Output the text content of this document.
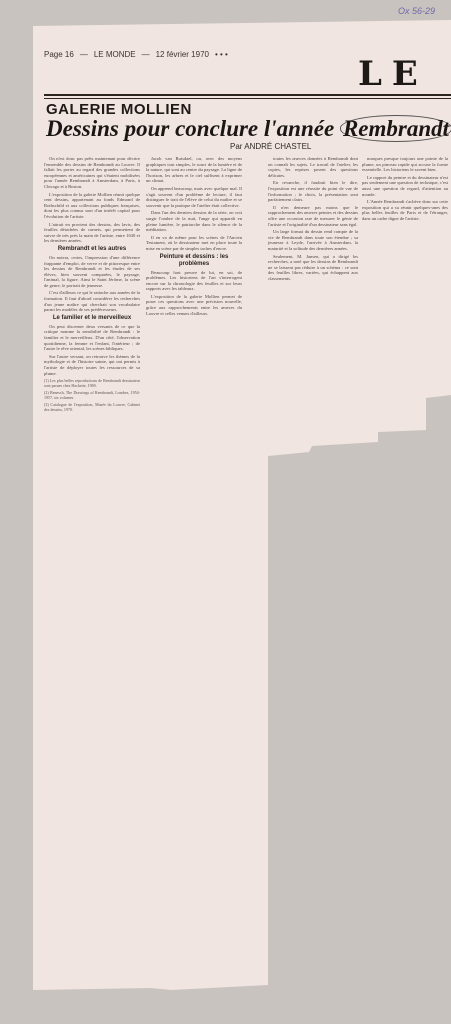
Ox 56-29
Page 16 — LE MONDE — 12 février 1970 • • •	LE
GALERIE MOLLIEN
Dessins pour conclure l'année Rembrandt
Par ANDRÉ CHASTEL

On n'est donc pas prêts maintenant pour décrire l'ensemble des dessins de Rembrandt au Louvre. Il fallait les porter au regard des grandes collections européennes et américaines qui s'étaient mobilisées pour l'année Rembrandt à Amsterdam, à Paris, à Chicago et à Boston.

L'exposition de la galerie Mollien réunit quelque cent dessins, appartenant au fonds Edmond de Rothschild et aux collections publiques françaises, dont les plus connus sont d'un intérêt capital pour l'évolution de l'artiste.

L'attrait en provient des dessins, des lavis, des feuilles détachées de carnets, qui permettent de suivre de très près la main de l'artiste, entre 1630 et les dernières années.

Rembrandt et les autres

On notera, certes, l'impression d'une différence frappante d'emploi, de verve et de pittoresque entre les dessins de Rembrandt et les études de ses élèves, bien souvent comparées, le paysage, l'animal, la figure. Ainsi le Saint Jérôme, la scène de genre, le portrait de jeunesse.

C'est d'ailleurs ce qui le rattache aux années de la formation. Il faut d'abord considérer les recherches d'un jeune maître qui cherchait son vocabulaire parmi les modèles de ses prédécesseurs.

Le familier et le merveilleux

On peut discerner deux versants de ce que la critique nomme la sensibilité de Rembrandt : le familier et le merveilleux. D'un côté, l'observation quotidienne, la femme et l'enfant, l'intérieur ; de l'autre le rêve oriental, les scènes bibliques.

Sur l'autre versant, on retrouve les thèmes de la mythologie et de l'histoire sainte, qui ont permis à l'artiste de déployer toutes les ressources de sa plume.

(1) Les plus belles reproductions de Rembrandt dessinateur sont parues chez Hachette, 1969.

(2) Benesch, The Drawings of Rembrandt, Londres, 1954-1957, six volumes.

(3) Catalogue de l'exposition, Musée du Louvre, Cabinet des dessins, 1970.

Jacob van Ruisdael, ou, avec des moyens graphiques tout simples, le souci de la lumière et de la nature, qui sont au centre du paysage. La ligne de l'horizon, les arbres et le ciel suffisent à exprimer un climat.

On apprend beaucoup, mais avec quelque mal. Il s'agit souvent d'un problème de lecture, il faut distinguer le trait de l'élève de celui du maître et se souvenir que la pratique de l'atelier était collective.

Dans l'un des derniers dessins de la série, on voit surgir l'ombre de la nuit, l'ange qui apparaît en pleine lumière, le patriarche dans le silence de la méditation.

Il en va de même pour les scènes de l'Ancien Testament, où le dessinateur met en place toute la mise en scène par de simples taches d'encre.

Peinture et dessins : les problèmes

Beaucoup font preuve de lui, en soi, de problèmes. Les historiens de l'art s'interrogent encore sur la chronologie des feuilles et sur leurs rapports avec les tableaux.

L'exposition de la galerie Mollien permet de poser ces questions avec une précision nouvelle, grâce aux rapprochements entre les œuvres du Louvre et celles venues d'ailleurs.

toutes les œuvres données à Rembrandt dont on connaît les sujets. Le travail de l'atelier, les copies, les reprises posent des questions délicates.

En revanche, il faudrait bien le dire, l'exposition est une réussite du point de vue de l'information ; le choix, la présentation sont parfaitement clairs.

Il n'en demeure pas moins que le rapprochement des œuvres peintes et des dessins offre une occasion rare de mesurer le génie de l'artiste et l'originalité d'un dessinateur sans égal.

Un large format du dessin rend compte de la vie de Rembrandt dans toute son étendue ; sa jeunesse à Leyde, l'arrivée à Amsterdam, la maturité et la solitude des dernières années.

Seulement, M. Jansen, qui a dirigé les recherches, a noté que les dessins de Rembrandt ne se laissent pas réduire à un schéma : ce sont des feuilles libres, variées, qui échappent aux classements.

marques presque toujours une pointe de la plume, un pinceau rapide qui accuse la forme essentielle. Les historiens le savent bien.

Le rapport du peintre et du dessinateur n'est pas seulement une question de technique, c'est aussi une question de regard, d'attention au monde.

L'Année Rembrandt s'achève donc sur cette exposition qui a su réunir quelques-unes des plus belles feuilles de Paris et de l'étranger, dans un cadre digne de l'artiste.
